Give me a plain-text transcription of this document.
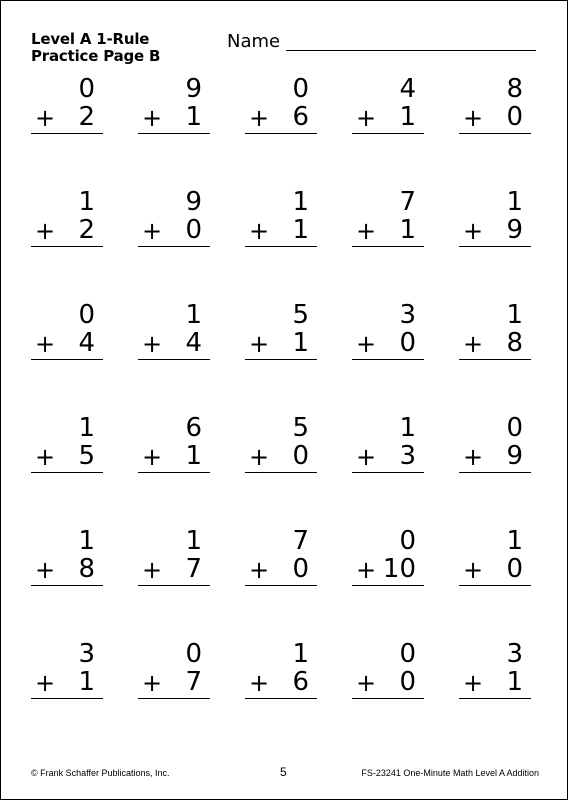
Level A 1-Rule
Practice Page B
Name
0
+ 2
9
+ 1
0
+ 6
4
+ 1
8
+ 0
1
+ 2
9
+ 0
1
+ 1
7
+ 1
1
+ 9
0
+ 4
1
+ 4
5
+ 1
3
+ 0
1
+ 8
1
+ 5
6
+ 1
5
+ 0
1
+ 3
0
+ 9
1
+ 8
1
+ 7
7
+ 0
0
+ 10
1
+ 0
3
+ 1
0
+ 7
1
+ 6
0
+ 0
3
+ 1
© Frank Schaffer Publications, Inc.	5	FS-23241 One-Minute Math Level A Addition
